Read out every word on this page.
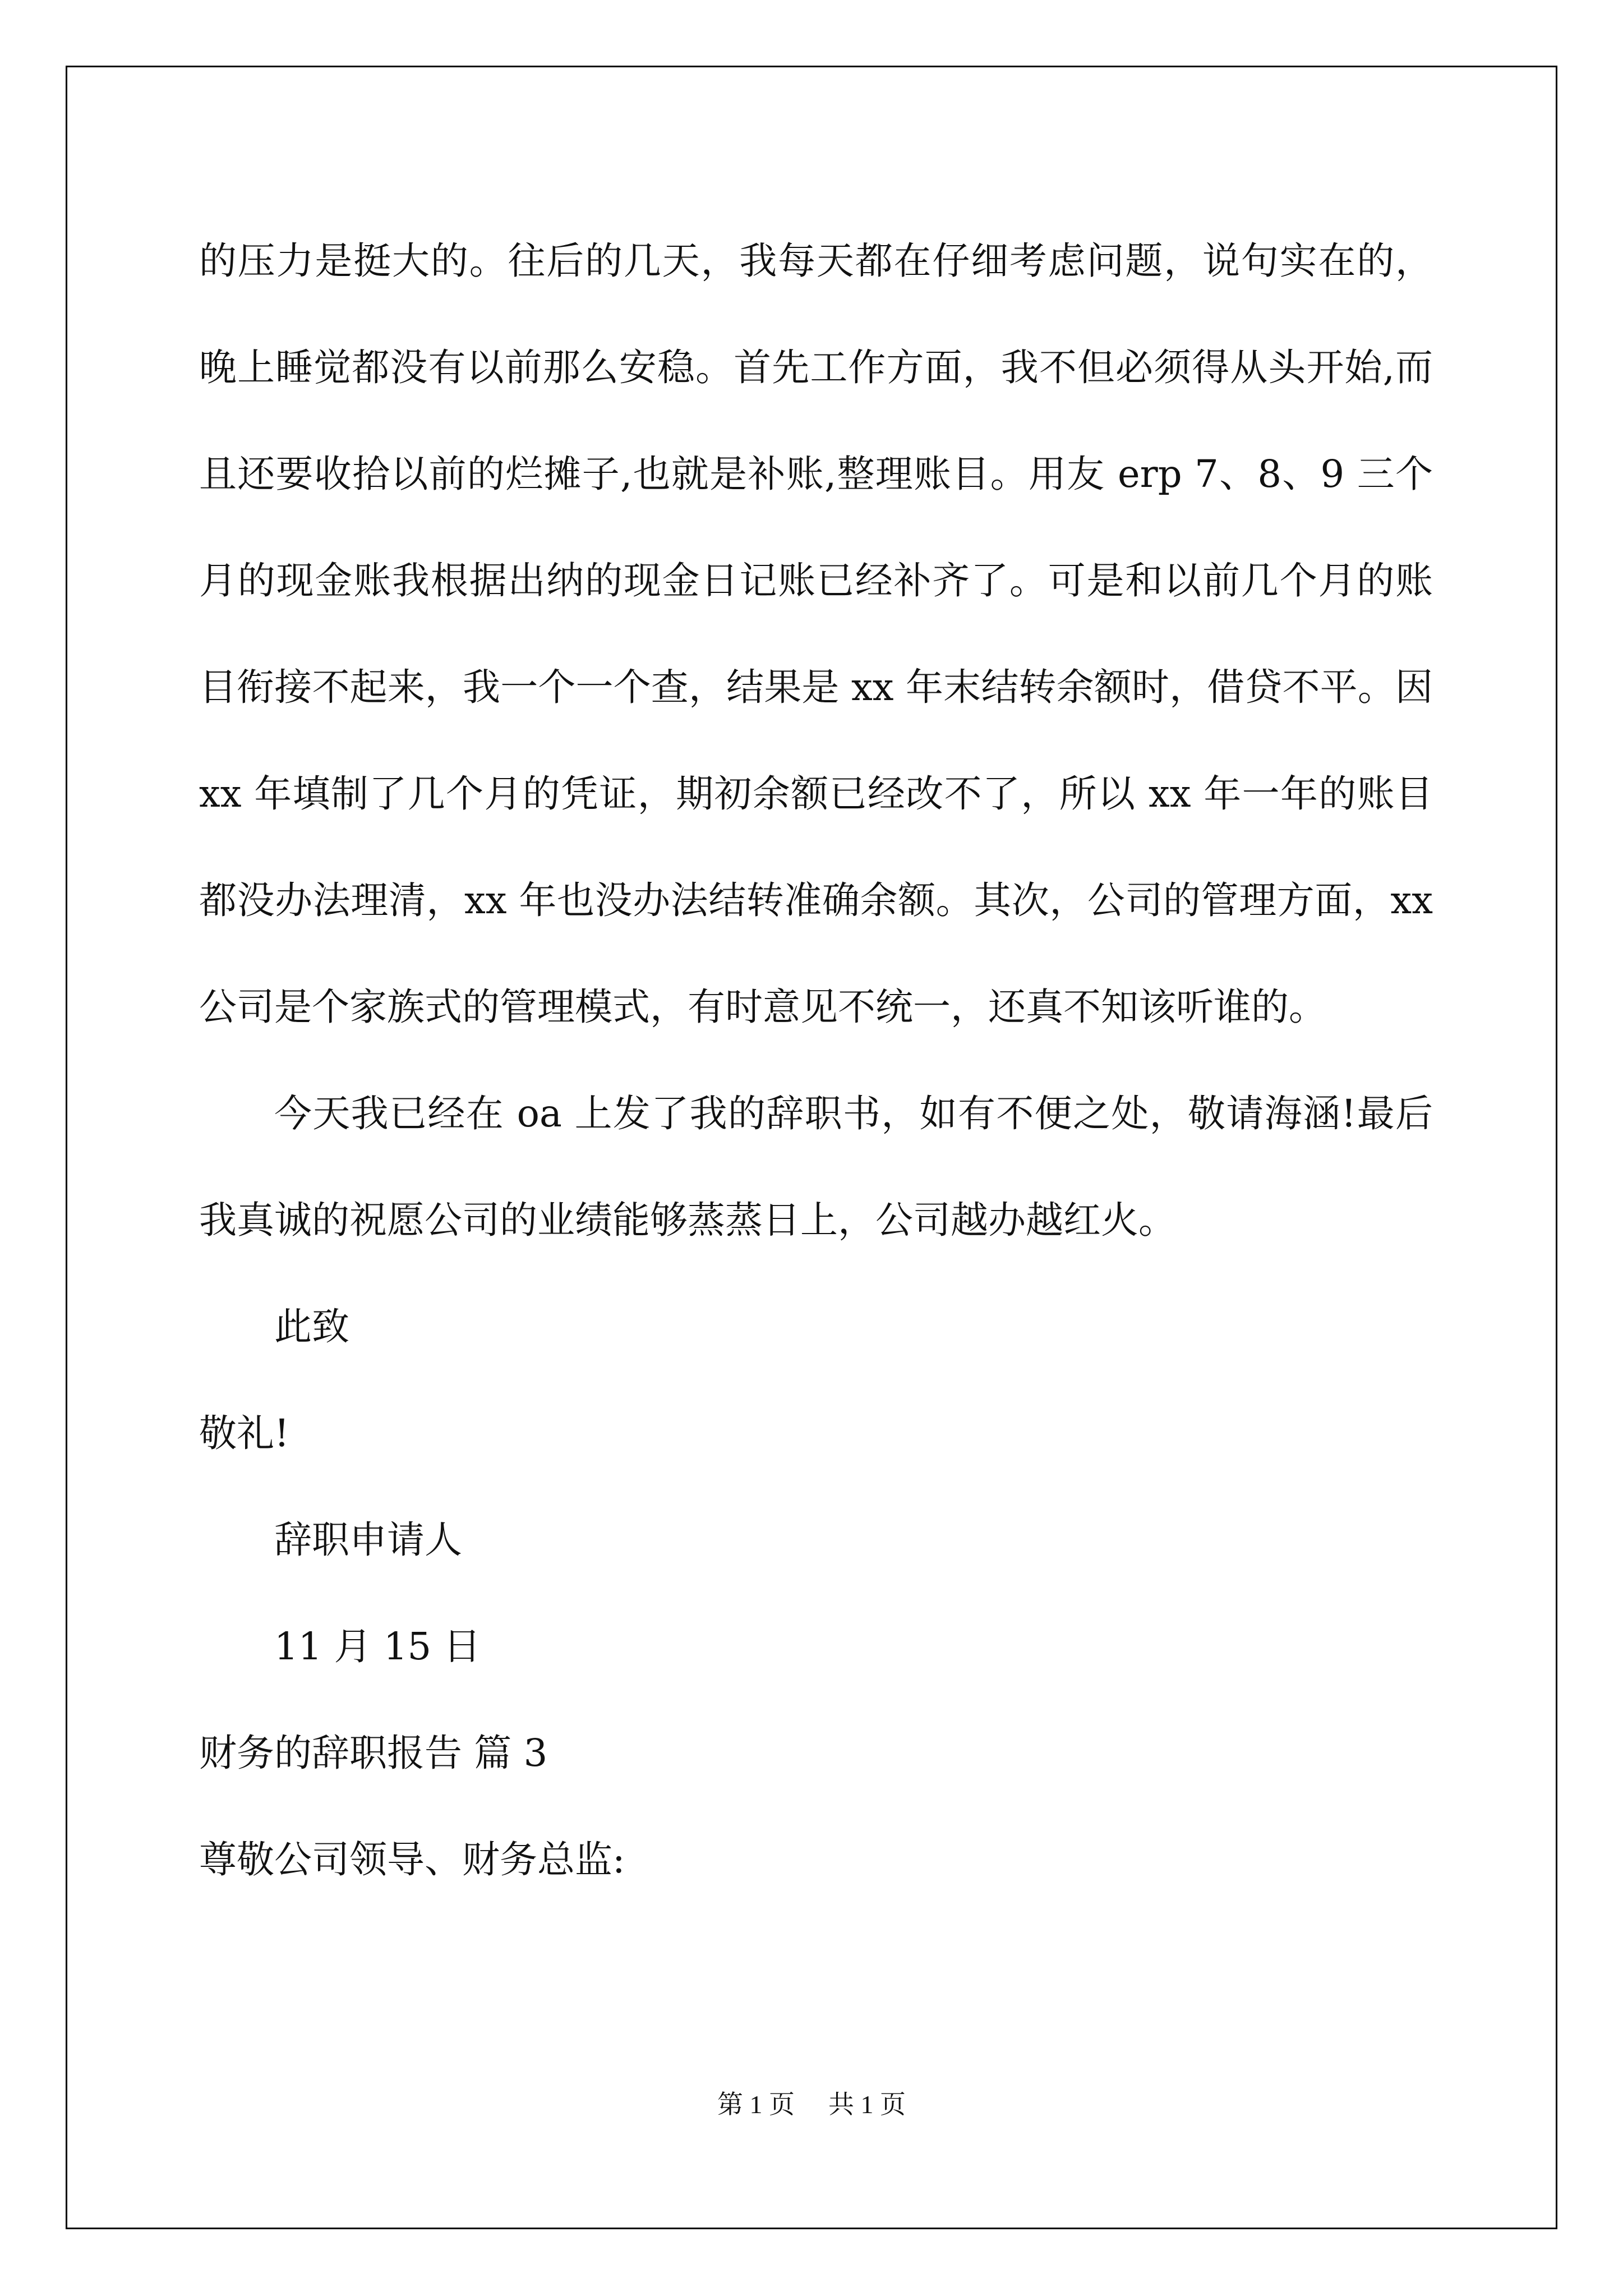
的压力是挺大的。往后的几天，我每天都在仔细考虑问题，说句实在的，晚上睡觉都没有以前那么安稳。首先工作方面，我不但必须得从头开始,而且还要收拾以前的烂摊子,也就是补账,整理账目。用友 erp 7、8、9 三个月的现金账我根据出纳的现金日记账已经补齐了。可是和以前几个月的账目衔接不起来，我一个一个查，结果是 xx 年末结转余额时，借贷不平。因 xx 年填制了几个月的凭证，期初余额已经改不了，所以 xx 年一年的账目都没办法理清，xx 年也没办法结转准确余额。其次，公司的管理方面，xx 公司是个家族式的管理模式，有时意见不统一，还真不知该听谁的。

今天我已经在 oa 上发了我的辞职书，如有不便之处，敬请海涵!最后我真诚的祝愿公司的业绩能够蒸蒸日上，公司越办越红火。

此致

敬礼!

辞职申请人

11 月 15 日

财务的辞职报告 篇 3

尊敬公司领导、财务总监:

第 1 页 共 1 页
